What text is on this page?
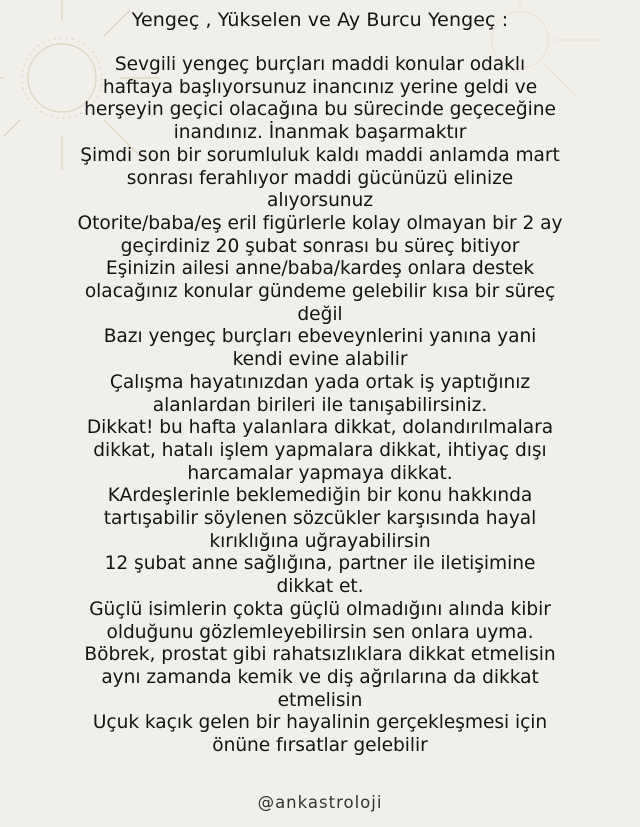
Yengeç , Yükselen ve Ay Burcu Yengeç :

Sevgili yengeç burçları maddi konular odaklı
haftaya başlıyorsunuz inancınız yerine geldi ve
herşeyin geçici olacağına bu sürecinde geçeceğine
inandınız. İnanmak başarmaktır
Şimdi son bir sorumluluk kaldı maddi anlamda mart
sonrası ferahlıyor maddi gücünüzü elinize
alıyorsunuz
Otorite/baba/eş eril figürlerle kolay olmayan bir 2 ay
geçirdiniz 20 şubat sonrası bu süreç bitiyor
Eşinizin ailesi anne/baba/kardeş onlara destek
olacağınız konular gündeme gelebilir kısa bir süreç
değil
Bazı yengeç burçları ebeveynlerini yanına yani
kendi evine alabilir
Çalışma hayatınızdan yada ortak iş yaptığınız
alanlardan birileri ile tanışabilirsiniz.
Dikkat! bu hafta yalanlara dikkat, dolandırılmalara
dikkat, hatalı işlem yapmalara dikkat, ihtiyaç dışı
harcamalar yapmaya dikkat.
KArdeşlerinle beklemediğin bir konu hakkında
tartışabilir söylenen sözcükler karşısında hayal
kırıklığına uğrayabilirsin
12 şubat anne sağlığına, partner ile iletişimine
dikkat et.
Güçlü isimlerin çokta güçlü olmadığını alında kibir
olduğunu gözlemleyebilirsin sen onlara uyma.
Böbrek, prostat gibi rahatsızlıklara dikkat etmelisin
aynı zamanda kemik ve diş ağrılarına da dikkat
etmelisin
Uçuk kaçık gelen bir hayalinin gerçekleşmesi için
önüne fırsatlar gelebilir

@ankastroloji
